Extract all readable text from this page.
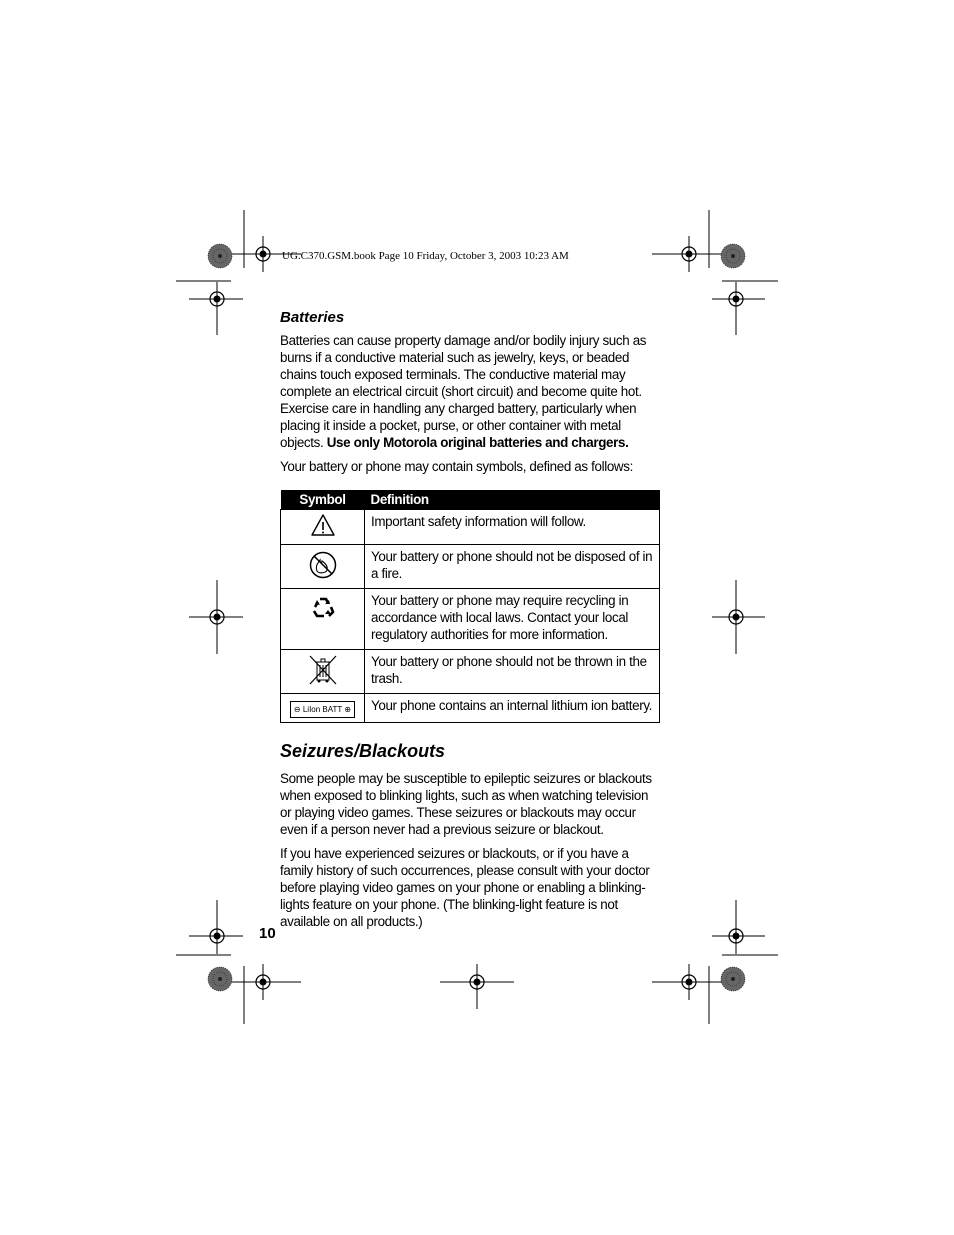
UG.C370.GSM.book Page 10 Friday, October 3, 2003 10:23 AM
Batteries

Batteries can cause property damage and/or bodily injury such as burns if a conductive material such as jewelry, keys, or beaded chains touch exposed terminals. The conductive material may complete an electrical circuit (short circuit) and become quite hot. Exercise care in handling any charged battery, particularly when placing it inside a pocket, purse, or other container with metal objects. Use only Motorola original batteries and chargers.

Your battery or phone may contain symbols, defined as follows:

Symbol	Definition
	Important safety information will follow.
	Your battery or phone should not be disposed of in a fire.
	Your battery or phone may require recycling in accordance with local laws. Contact your local regulatory authorities for more information.
	Your battery or phone should not be thrown in the trash.
⊖ LiIon BATT ⊕	Your phone contains an internal lithium ion battery.
Seizures/Blackouts

Some people may be susceptible to epileptic seizures or blackouts when exposed to blinking lights, such as when watching television or playing video games. These seizures or blackouts may occur even if a person never had a previous seizure or blackout.

If you have experienced seizures or blackouts, or if you have a family history of such occurrences, please consult with your doctor before playing video games on your phone or enabling a blinking-lights feature on your phone. (The blinking-light feature is not available on all products.)

10
